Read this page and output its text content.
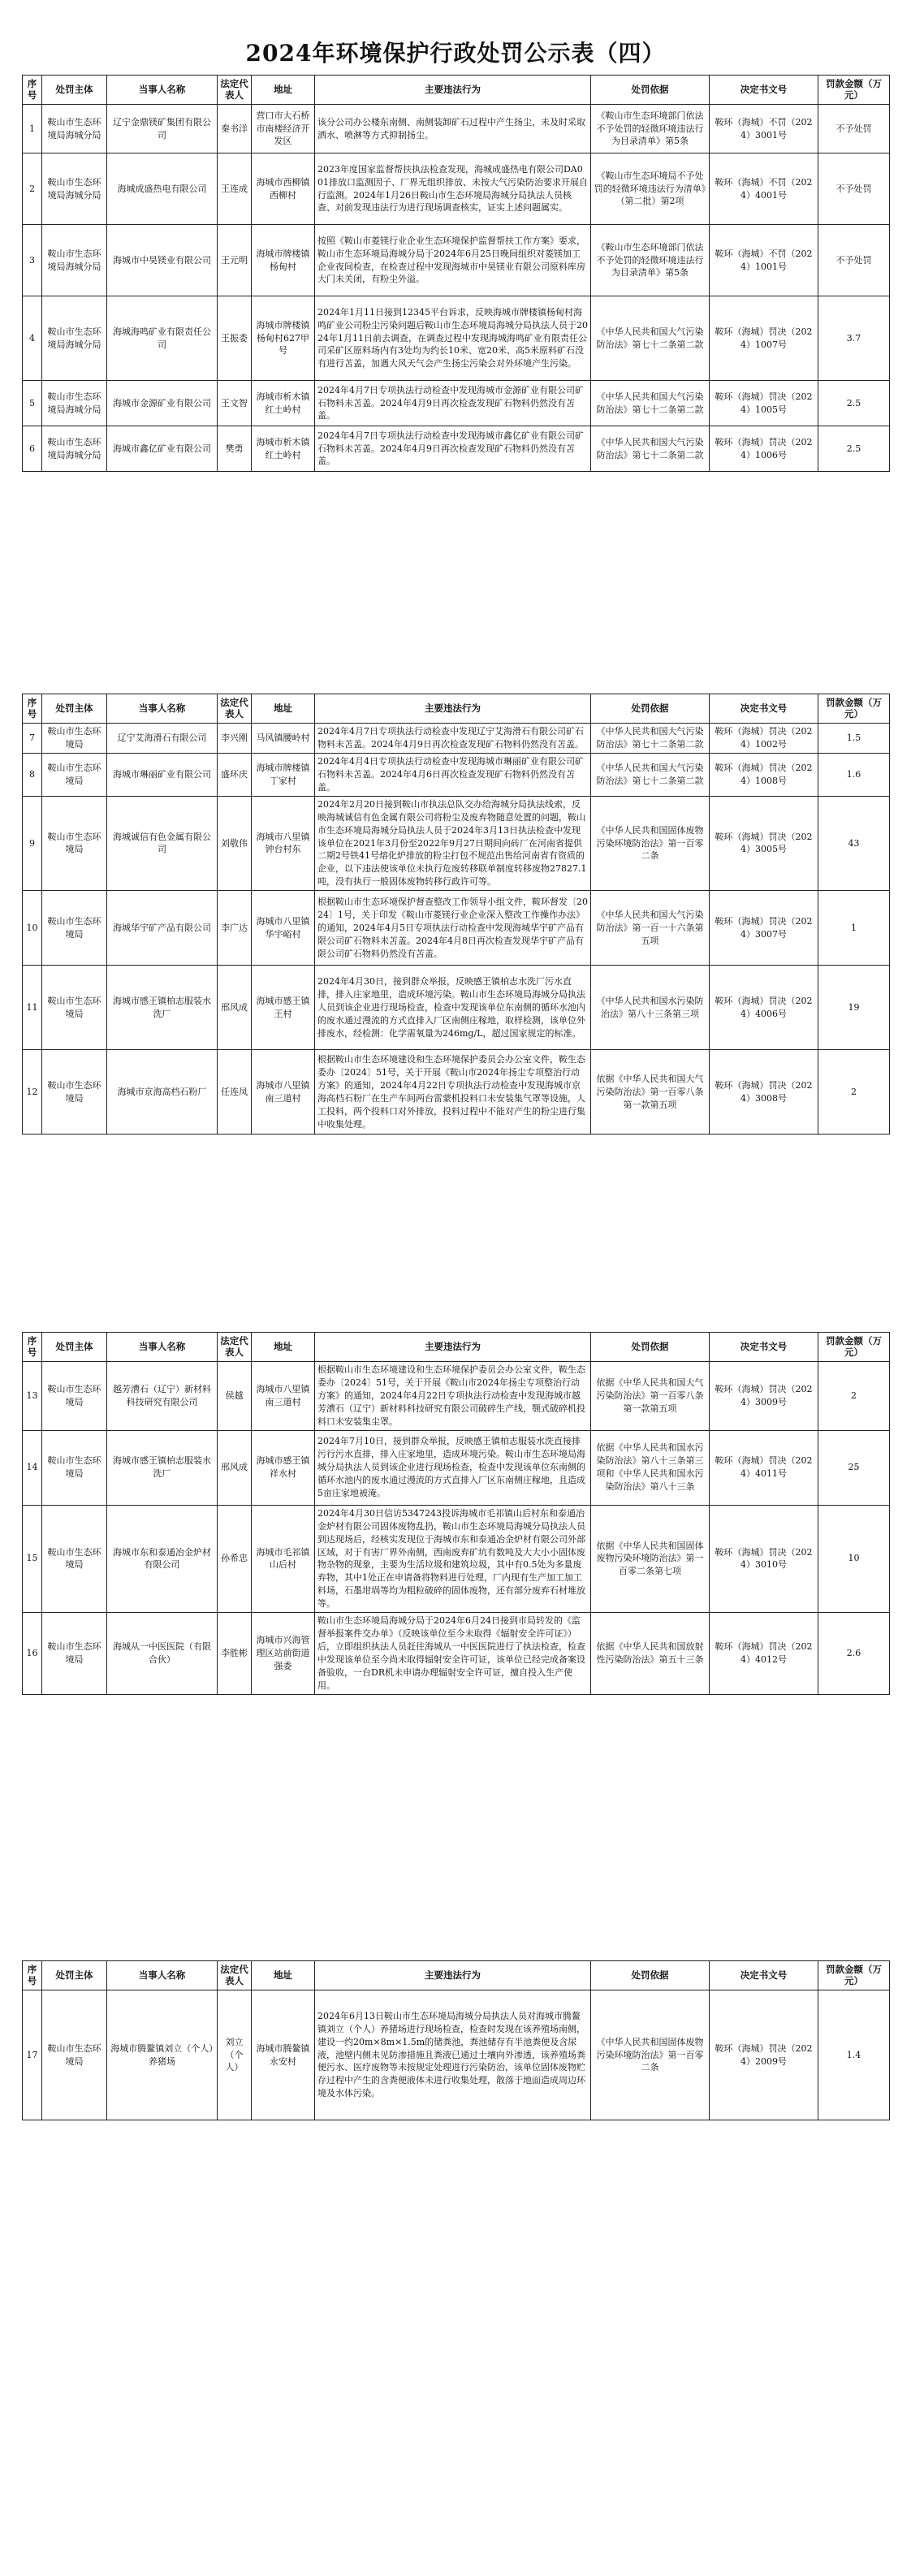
2024年环境保护行政处罚公示表（四）
序号	处罚主体	当事人名称	法定代表人	地址	主要违法行为	处罚依据	决定书文号	罚款金额（万元）
1	鞍山市生态环境局海城分局	辽宁金鼎镁矿集团有限公司	秦书洋	营口市大石桥市南楼经济开发区	该分公司办公楼东南侧、南侧装卸矿石过程中产生扬尘，未及时采取洒水、喷淋等方式抑制扬尘。	《鞍山市生态环境部门依法不予处罚的轻微环境违法行为目录清单》第5条	鞍环（海城）不罚（2024）3001号	不予处罚
2	鞍山市生态环境局海城分局	海城成盛热电有限公司	王连成	海城市西柳镇西柳村	2023年度国家监督帮扶执法检查发现，海城成盛热电有限公司DA001排放口监测因子、厂界无组织排放、未按大气污染防治要求开展自行监测。2024年1月26日鞍山市生态环境局海城分局执法人员核查、对前发现违法行为进行现场调查核实，证实上述问题属实。	《鞍山市生态环境局不予处罚的轻微环境违法行为清单》（第二批）第2项	鞍环（海城）不罚（2024）4001号	不予处罚
3	鞍山市生态环境局海城分局	海城市中昊镁业有限公司	王元明	海城市牌楼镇杨甸村	按照《鞍山市菱镁行业企业生态环境保护监督帮扶工作方案》要求，鞍山市生态环境局海城分局于2024年6月25日晚间组织对菱镁加工企业夜间检查，在检查过程中发现海城市中昊镁业有限公司原料库房大门未关闭，有粉尘外溢。	《鞍山市生态环境部门依法不予处罚的轻微环境违法行为目录清单》第5条	鞍环（海城）不罚（2024）1001号	不予处罚
4	鞍山市生态环境局海城分局	海城海鸣矿业有限责任公司	王振委	海城市牌楼镇杨甸村627甲号	2024年1月11日接到12345平台诉求，反映海城市牌楼镇杨甸村海鸣矿业公司粉尘污染问题后鞍山市生态环境局海城分局执法人员于2024年1月11日前去调查，在调查过程中发现海城海鸣矿业有限责任公司采矿区原料场内有3处均为约长10米、宽20米、高5米原料矿石没有进行苫盖，加遇大风天气会产生扬尘污染会对外环境产生污染。	《中华人民共和国大气污染防治法》第七十二条第二款	鞍环（海城）罚决（2024）1007号	3.7
5	鞍山市生态环境局海城分局	海城市金源矿业有限公司	王文智	海城市析木镇红土岭村	2024年4月7日专项执法行动检查中发现海城市金源矿业有限公司矿石物料未苫盖。2024年4月9日再次检查发现矿石物料仍然没有苫盖。	《中华人民共和国大气污染防治法》第七十二条第二款	鞍环（海城）罚决（2024）1005号	2.5
6	鞍山市生态环境局海城分局	海城市鑫亿矿业有限公司	樊勇	海城市析木镇红土岭村	2024年4月7日专项执法行动检查中发现海城市鑫亿矿业有限公司矿石物料未苫盖。2024年4月9日再次检查发现矿石物料仍然没有苫盖。	《中华人民共和国大气污染防治法》第七十二条第二款	鞍环（海城）罚决（2024）1006号	2.5
序号	处罚主体	当事人名称	法定代表人	地址	主要违法行为	处罚依据	决定书文号	罚款金额（万元）
7	鞍山市生态环境局	辽宁艾海滑石有限公司	李兴刚	马风镇腰岭村	2024年4月7日专项执法行动检查中发现辽宁艾海滑石有限公司矿石物料未苫盖。2024年4月9日再次检查发现矿石物料仍然没有苫盖。	《中华人民共和国大气污染防治法》第七十二条第二款	鞍环（海城）罚决（2024）1002号	1.5
8	鞍山市生态环境局	海城市琳丽矿业有限公司	盛环庆	海城市牌楼镇丁家村	2024年4月4日专项执法行动检查中发现海城市琳丽矿业有限公司矿石物料未苫盖。2024年4月6日再次检查发现矿石物料仍然没有苫盖。	《中华人民共和国大气污染防治法》第七十二条第二款	鞍环（海城）罚决（2024）1008号	1.6
9	鞍山市生态环境局	海城诚信有色金属有限公司	刘敬伟	海城市八里镇钟台村东	2024年2月20日接到鞍山市执法总队交办给海城分局执法线索，反映海城诚信有色金属有限公司将粉尘及废弃物随意处置的问题，鞍山市生态环境局海城分局执法人员于2024年3月13日执法检查中发现该单位在2021年3月份至2022年9月27日期间向砖厂在河南省提供二期2号铁41号熔化炉排放的粉尘打包不规范出售给河南省有资质的企业，以下违法使该单位未执行危废转移联单制度转移废物27827.1吨，没有执行一般固体废物转移行政许可等。	《中华人民共和国固体废物污染环境防治法》第一百零二条	鞍环（海城）罚决（2024）3005号	43
10	鞍山市生态环境局	海城华宇矿产品有限公司	李广达	海城市八里镇华宇峪村	根据鞍山市生态环境保护督查整改工作领导小组文件，鞍环督发〔2024〕1号，关于印发《鞍山市菱镁行业企业深入整改工作操作办法》的通知，2024年4月5日专项执法行动检查中发现海城华宇矿产品有限公司矿石物料未苫盖。2024年4月8日再次检查发现华宇矿产品有限公司矿石物料仍然没有苫盖。	《中华人民共和国大气污染防治法》第一百一十六条第五项	鞍环（海城）罚决（2024）3007号	1
11	鞍山市生态环境局	海城市感王镇柏志服装水洗厂	邢风成	海城市感王镇王村	2024年4月30日，接到群众举报，反映感王镇柏志水洗厂污水直排，排入庄家地里，造成环境污染。鞍山市生态环境局海城分局执法人员到该企业进行现场检查，检查中发现该单位东南侧的循环水池内的废水通过漫流的方式直排入厂区南侧庄稼地，取样检测，该单位外排废水，经检测：化学需氧量为246mg/L，超过国家规定的标准。	《中华人民共和国水污染防治法》第八十三条第三项	鞍环（海城）罚决（2024）4006号	19
12	鞍山市生态环境局	海城市京海高档石粉厂	任连凤	海城市八里镇南三道村	根据鞍山市生态环境建设和生态环境保护委员会办公室文件，鞍生态委办〔2024〕51号，关于开展《鞍山市2024年扬尘专项整治行动方案》的通知，2024年4月22日专项执法行动检查中发现海城市京海高档石粉厂在生产车间两台雷蒙机投料口未安装集气罩等设施，人工投料，两个投料口对外排放，投料过程中不能对产生的粉尘进行集中收集处理。	依据《中华人民共和国大气污染防治法》第一百零八条第一款第五项	鞍环（海城）罚决（2024）3008号	2
序号	处罚主体	当事人名称	法定代表人	地址	主要违法行为	处罚依据	决定书文号	罚款金额（万元）
13	鞍山市生态环境局	越芳漕石（辽宁）新材料科技研究有限公司	侯越	海城市八里镇南三道村	根据鞍山市生态环境建设和生态环境保护委员会办公室文件，鞍生态委办〔2024〕51号，关于开展《鞍山市2024年扬尘专项整治行动方案》的通知，2024年4月22日专项执法行动检查中发现海城市越芳漕石（辽宁）新材料科技研究有限公司破碎生产线，颚式破碎机投料口未安装集尘罩。	依据《中华人民共和国大气污染防治法》第一百零八条第一款第五项	鞍环（海城）罚决（2024）3009号	2
14	鞍山市生态环境局	海城市感王镇柏志服装水洗厂	邢风成	海城市感王镇祥水村	2024年7月10日，接到群众举报，反映感王镇柏志服装水洗直接排污行污水直排，排入庄家地里，造成环境污染。鞍山市生态环境局海城分局执法人员到该企业进行现场检查，检查中发现该单位东南侧的循环水池内的废水通过漫流的方式直排入厂区东南侧庄稼地，且造成5亩庄家地被淹。	依据《中华人民共和国水污染防治法》第八十三条第三项和《中华人民共和国水污染防治法》第八十三条	鞍环（海城）罚决（2024）4011号	25
15	鞍山市生态环境局	海城市东和泰通冶金炉材有限公司	孙希忠	海城市毛祁镇山后村	2024年4月30日信访5347243投诉海城市毛祁镇山后村东和泰通冶金炉材有限公司固体废物乱扔，鞍山市生态环境局海城分局执法人员到达现场后，经核实发现位于海城市东和泰通冶金炉材有限公司外部区域，对于有害厂界外南侧，西南废弃矿坑有数吨及大大小小固体废物杂物的现象，主要为生活垃圾和建筑垃圾，其中有0.5处为多量废弃物，其中1处正在申请备将物料进行处理，厂内现有生产加工加工料场，石墨坩埚等均为粗粒破碎的固体废物，还有部分废弃石材堆放等。	依据《中华人民共和国固体废物污染环境防治法》第一百零二条第七项	鞍环（海城）罚决（2024）3010号	10
16	鞍山市生态环境局	海城从一中医医院（有限合伙）	李胜彬	海城市兴海管理区站前街道强委	鞍山市生态环境局海城分局于2024年6月24日接到市局转发的《监督举报案件交办单》（反映该单位至今未取得《辐射安全许可证》）后，立即组织执法人员赶往海城从一中医医院进行了执法检查，检查中发现该单位至今尚未取得辐射安全许可证，该单位已经完成备案设备验收，一台DR机未申请办理辐射安全许可证，擅自投入生产使用。	依据《中华人民共和国放射性污染防治法》第五十三条	鞍环（海城）罚决（2024）4012号	2.6
序号	处罚主体	当事人名称	法定代表人	地址	主要违法行为	处罚依据	决定书文号	罚款金额（万元）
17	鞍山市生态环境局	海城市腾鳌镇刘立（个人）养猪场	刘立（个人）	海城市腾鳌镇永安村	2024年6月13日鞍山市生态环境局海城分局执法人员对海城市腾鳌镇刘立（个人）养猪场进行现场检查，检查时发现在该养殖场南侧，建设一约20m×8m×1.5m的储粪池，粪池储存有半池粪便及含尿液，池壁内侧未见防渗措施且粪液已通过土壤向外渗透，该养殖场粪便污水、医疗废物等未按规定处理进行污染防治，该单位固体废物贮存过程中产生的含粪便液体未进行收集处理，散落于地面造成周边环境及水体污染。	《中华人民共和国固体废物污染环境防治法》第一百零二条	鞍环（海城）罚决（2024）2009号	1.4
